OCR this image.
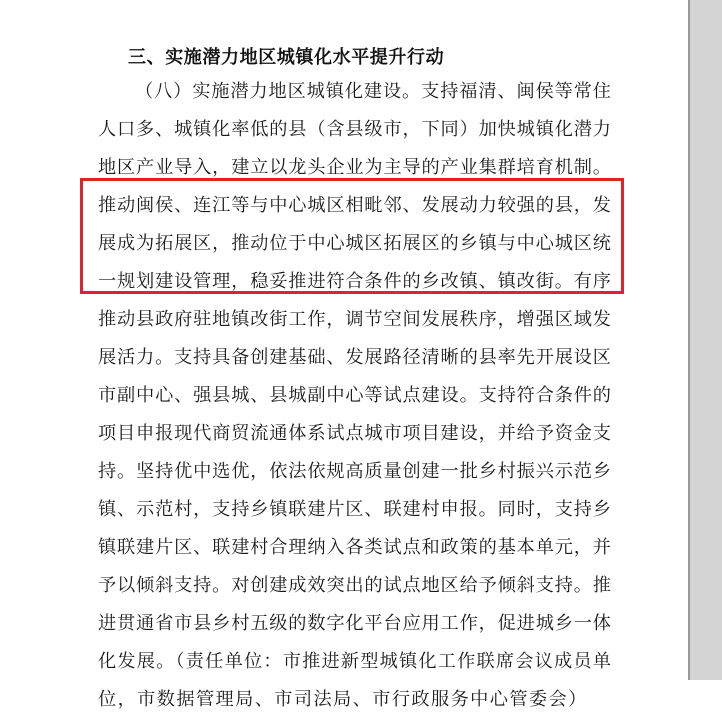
三、实施潜力地区城镇化水平提升行动
（八）实施潜力地区城镇化建设。支持福清、闽侯等常住
人口多、城镇化率低的县（含县级市，下同）加快城镇化潜力
地区产业导入，建立以龙头企业为主导的产业集群培育机制。
推动闽侯、连江等与中心城区相毗邻、发展动力较强的县，发
展成为拓展区，推动位于中心城区拓展区的乡镇与中心城区统
一规划建设管理，稳妥推进符合条件的乡改镇、镇改街。有序
推动县政府驻地镇改街工作，调节空间发展秩序，增强区域发
展活力。支持具备创建基础、发展路径清晰的县率先开展设区
市副中心、强县城、县城副中心等试点建设。支持符合条件的
项目申报现代商贸流通体系试点城市项目建设，并给予资金支
持。坚持优中选优，依法依规高质量创建一批乡村振兴示范乡
镇、示范村，支持乡镇联建片区、联建村申报。同时，支持乡
镇联建片区、联建村合理纳入各类试点和政策的基本单元，并
予以倾斜支持。对创建成效突出的试点地区给予倾斜支持。推
进贯通省市县乡村五级的数字化平台应用工作，促进城乡一体
化发展。（责任单位：市推进新型城镇化工作联席会议成员单
位，市数据管理局、市司法局、市行政服务中心管委会）
